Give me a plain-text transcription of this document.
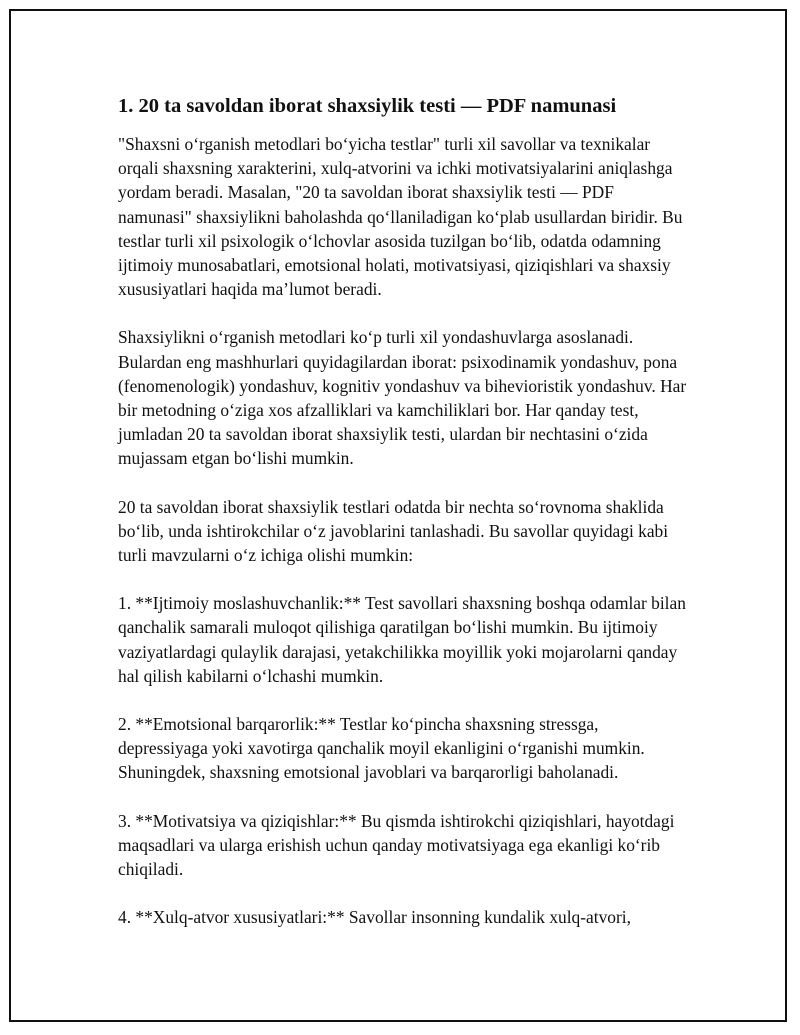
1. 20 ta savoldan iborat shaxsiylik testi — PDF namunasi

"Shaxsni o‘rganish metodlari bo‘yicha testlar" turli xil savollar va texnikalar orqali shaxsning xarakterini, xulq-atvorini va ichki motivatsiyalarini aniqlashga yordam beradi. Masalan, "20 ta savoldan iborat shaxsiylik testi — PDF namunasi" shaxsiylikni baholashda qo‘llaniladigan ko‘plab usullardan biridir. Bu testlar turli xil psixologik o‘lchovlar asosida tuzilgan bo‘lib, odatda odamning ijtimoiy munosabatlari, emotsional holati, motivatsiyasi, qiziqishlari va shaxsiy xususiyatlari haqida ma’lumot beradi.

Shaxsiylikni o‘rganish metodlari ko‘p turli xil yondashuvlarga asoslanadi. Bulardan eng mashhurlari quyidagilardan iborat: psixodinamik yondashuv, pona (fenomenologik) yondashuv, kognitiv yondashuv va bihevioristik yondashuv. Har bir metodning o‘ziga xos afzalliklari va kamchiliklari bor. Har qanday test, jumladan 20 ta savoldan iborat shaxsiylik testi, ulardan bir nechtasini o‘zida mujassam etgan bo‘lishi mumkin.

20 ta savoldan iborat shaxsiylik testlari odatda bir nechta so‘rovnoma shaklida bo‘lib, unda ishtirokchilar o‘z javoblarini tanlashadi. Bu savollar quyidagi kabi turli mavzularni o‘z ichiga olishi mumkin:

1. **Ijtimoiy moslashuvchanlik:** Test savollari shaxsning boshqa odamlar bilan qanchalik samarali muloqot qilishiga qaratilgan bo‘lishi mumkin. Bu ijtimoiy vaziyatlardagi qulaylik darajasi, yetakchilikka moyillik yoki mojarolarni qanday hal qilish kabilarni o‘lchashi mumkin.

2. **Emotsional barqarorlik:** Testlar ko‘pincha shaxsning stressga, depressiyaga yoki xavotirga qanchalik moyil ekanligini o‘rganishi mumkin. Shuningdek, shaxsning emotsional javoblari va barqarorligi baholanadi.

3. **Motivatsiya va qiziqishlar:** Bu qismda ishtirokchi qiziqishlari, hayotdagi maqsadlari va ularga erishish uchun qanday motivatsiyaga ega ekanligi ko‘rib chiqiladi.

4. **Xulq-atvor xususiyatlari:** Savollar insonning kundalik xulq-atvori,
